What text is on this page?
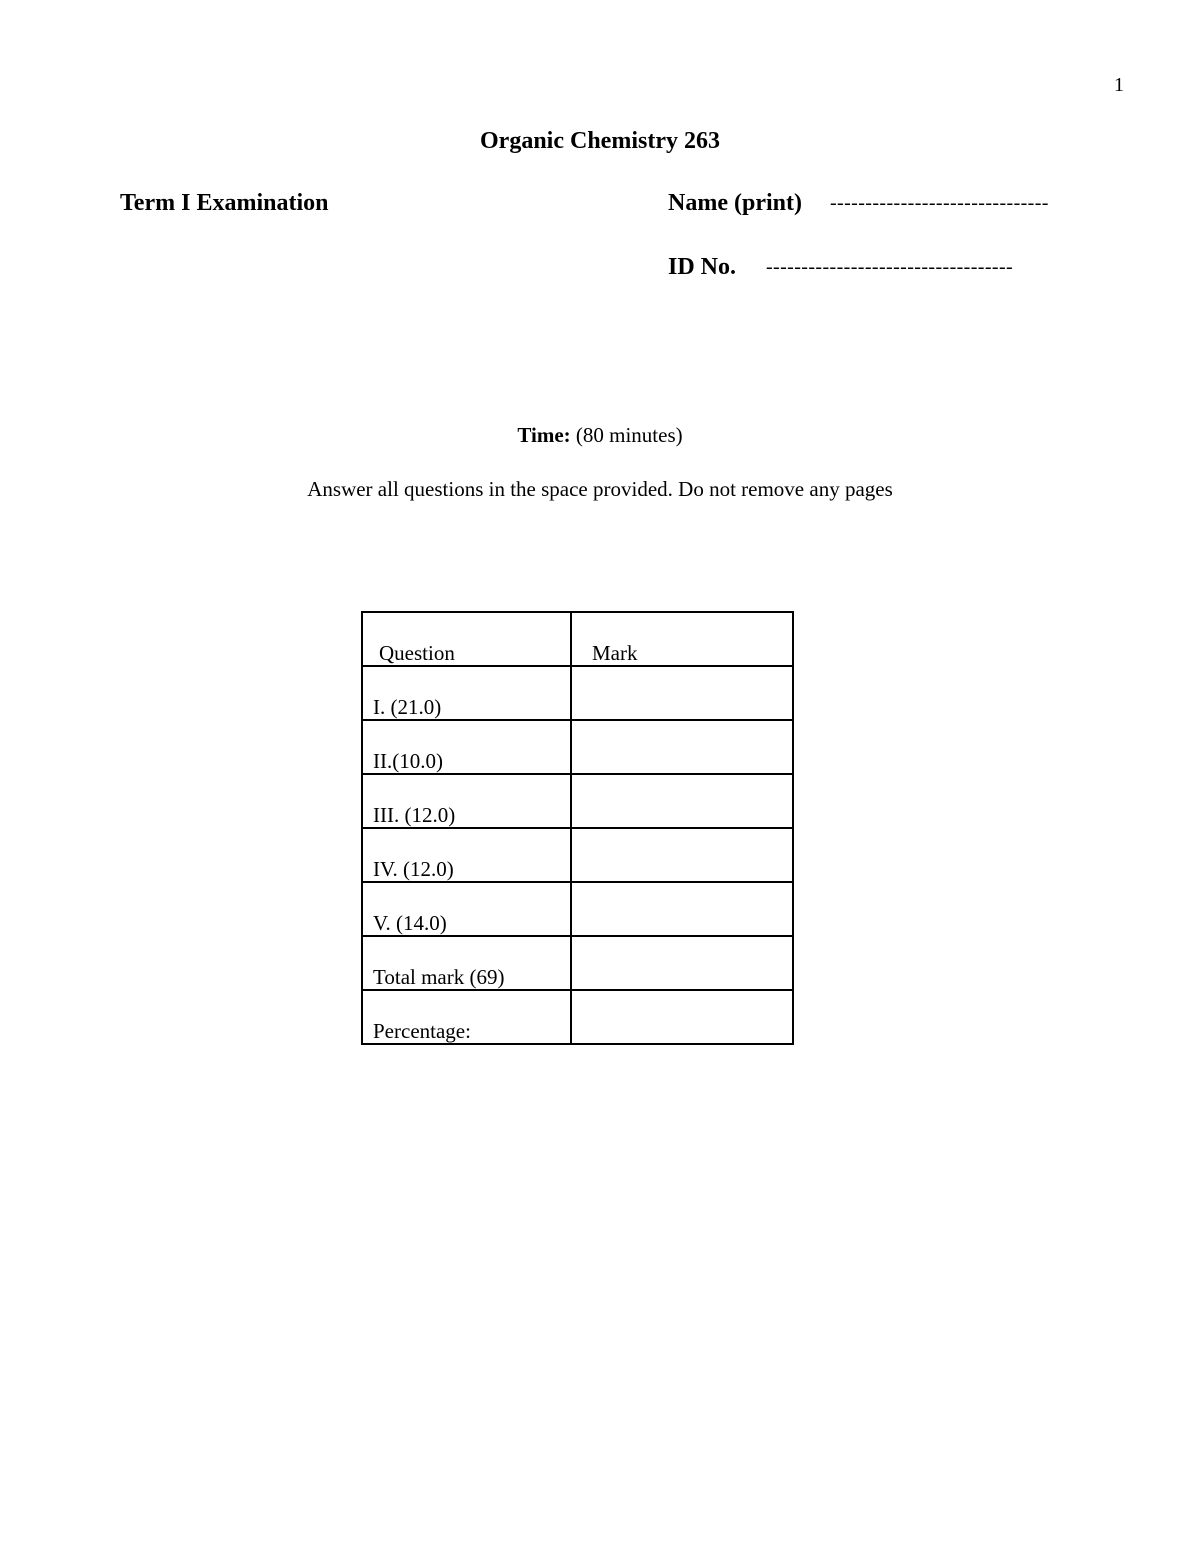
1
Organic Chemistry 263
Term I Examination	Name (print) -------------------------------
ID No. -----------------------------------
Time: (80 minutes)
Answer all questions in the space provided. Do not remove any pages
Question	Mark
I. (21.0)	
II.(10.0)	
III. (12.0)	
IV. (12.0)	
V. (14.0)	
Total mark (69)	
Percentage:	
